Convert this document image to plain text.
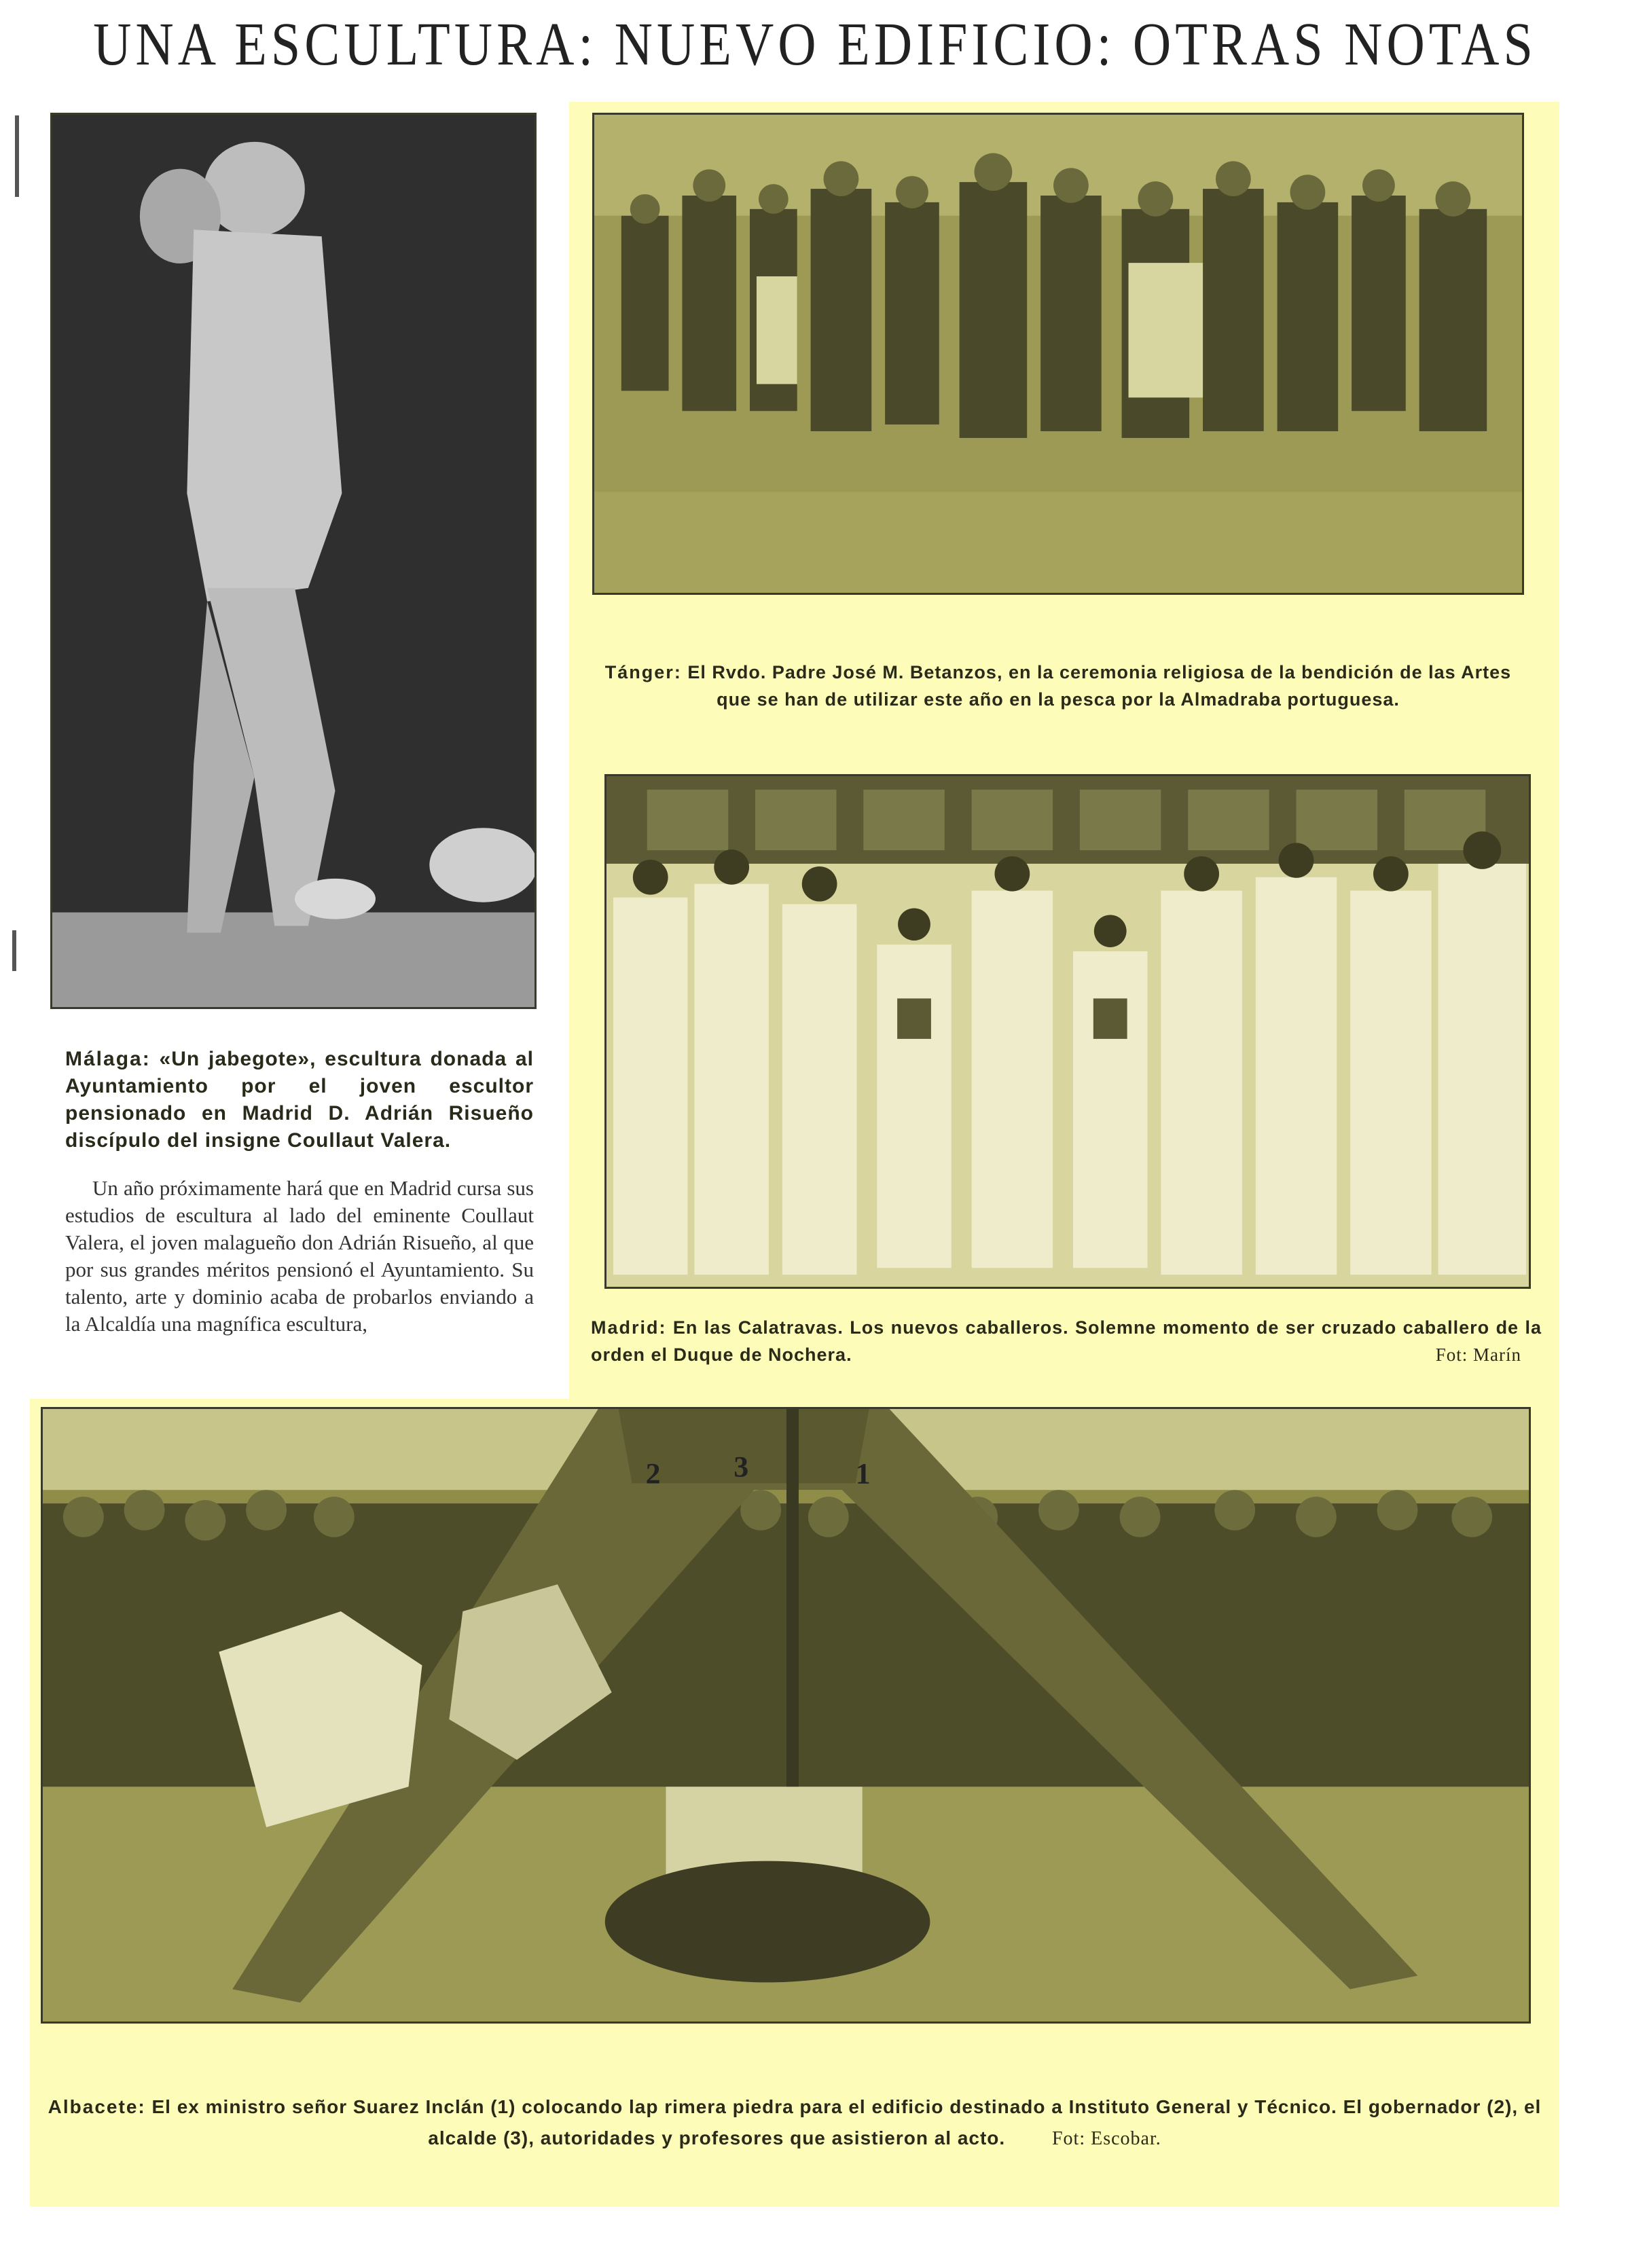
UNA ESCULTURA: NUEVO EDIFICIO: OTRAS NOTAS
Málaga: «Un jabegote», escultura donada al Ayuntamiento por el joven escultor pensionado en Madrid D. Adrián Risueño discípulo del insigne Coullaut Valera.
Un año próximamente hará que en Madrid cursa sus estudios de escultura al lado del eminente Coullaut Valera, el joven malagueño don Adrián Risueño, al que por sus grandes méritos pensionó el Ayuntamiento. Su talento, arte y dominio acaba de probarlos enviando a la Alcaldía una magnífica escultura,
Tánger: El Rvdo. Padre José M. Betanzos, en la ceremonia religiosa de la bendición de las Artes que se han de utilizar este año en la pesca por la Almadraba portuguesa.
Madrid: En las Calatravas. Los nuevos caballeros. Solemne momento de ser cruzado caballero de la orden el Duque de Nochera.	Fot: Marín
2 3	1
Albacete: El ex ministro señor Suarez Inclán (1) colocando lap rimera piedra para el edificio destinado a Instituto General y Técnico. El gobernador (2), el alcalde (3), autoridades y profesores que asistieron al acto. Fot: Escobar.
